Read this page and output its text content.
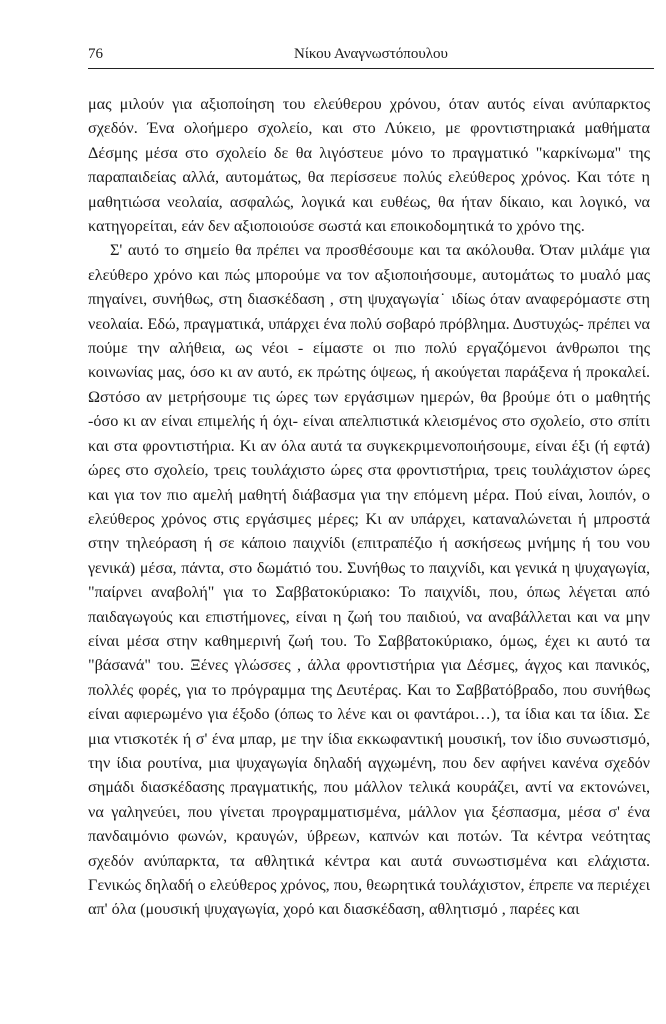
76	Νίκου Αναγνωστόπουλου

μας μιλούν για αξιοποίηση του ελεύθερου χρόνου, όταν αυτός είναι ανύπαρκτος σχεδόν. Ένα ολοήμερο σχολείο, και στο Λύκειο, με φροντιστηριακά μαθήματα Δέσμης μέσα στο σχολείο δε θα λιγόστευε μόνο το πραγματικό "καρκίνωμα" της παραπαιδείας αλλά, αυτομάτως, θα περίσσευε πολύς ελεύθερος χρόνος. Και τότε η μαθητιώσα νεολαία, ασφαλώς, λογικά και ευθέως, θα ήταν δίκαιο, και λογικό, να κατηγορείται, εάν δεν αξιοποιούσε σωστά και εποικοδομητικά το χρόνο της.

Σ' αυτό το σημείο θα πρέπει να προσθέσουμε και τα ακόλουθα. Όταν μιλάμε για ελεύθερο χρόνο και πώς μπορούμε να τον αξιοποιήσουμε, αυτομάτως το μυαλό μας πηγαίνει, συνήθως, στη διασκέδαση , στη ψυχαγωγία˙ ιδίως όταν αναφερόμαστε στη νεολαία. Εδώ, πραγματικά, υπάρχει ένα πολύ σοβαρό πρόβλημα. Δυστυχώς- πρέπει να πούμε την αλήθεια, ως νέοι - είμαστε οι πιο πολύ εργαζόμενοι άνθρωποι της κοινωνίας μας, όσο κι αν αυτό, εκ πρώτης όψεως, ή ακούγεται παράξενα ή προκαλεί. Ωστόσο αν μετρήσουμε τις ώρες των εργάσιμων ημερών, θα βρούμε ότι ο μαθητής -όσο κι αν είναι επιμελής ή όχι- είναι απελπιστικά κλεισμένος στο σχολείο, στο σπίτι και στα φροντιστήρια. Κι αν όλα αυτά τα συγκεκριμενοποιήσουμε, είναι έξι (ή εφτά) ώρες στο σχολείο, τρεις τουλάχιστο ώρες στα φροντιστήρια, τρεις τουλάχιστον ώρες και για τον πιο αμελή μαθητή διάβασμα για την επόμενη μέρα. Πού είναι, λοιπόν, ο ελεύθερος χρόνος στις εργάσιμες μέρες; Κι αν υπάρχει, καταναλώνεται ή μπροστά στην τηλεόραση ή σε κάποιο παιχνίδι (επιτραπέζιο ή ασκήσεως μνήμης ή του νου γενικά) μέσα, πάντα, στο δωμάτιό του. Συνήθως το παιχνίδι, και γενικά η ψυχαγωγία, "παίρνει αναβολή" για το Σαββατοκύριακο: Το παιχνίδι, που, όπως λέγεται από παιδαγωγούς και επιστήμονες, είναι η ζωή του παιδιού, να αναβάλλεται και να μην είναι μέσα στην καθημερινή ζωή του. Το Σαββατοκύριακο, όμως, έχει κι αυτό τα "βάσανά" του. Ξένες γλώσσες , άλλα φροντιστήρια για Δέσμες, άγχος και πανικός, πολλές φορές, για το πρόγραμμα της Δευτέρας. Και το Σαββατόβραδο, που συνήθως είναι αφιερωμένο για έξοδο (όπως το λένε και οι φαντάροι…), τα ίδια και τα ίδια. Σε μια ντισκοτέκ ή σ' ένα μπαρ, με την ίδια εκκωφαντική μουσική, τον ίδιο συνωστισμό, την ίδια ρουτίνα, μια ψυχαγωγία δηλαδή αγχωμένη, που δεν αφήνει κανένα σχεδόν σημάδι διασκέδασης πραγματικής, που μάλλον τελικά κουράζει, αντί να εκτονώνει, να γαληνεύει, που γίνεται προγραμματισμένα, μάλλον για ξέσπασμα, μέσα σ' ένα πανδαιμόνιο φωνών, κραυγών, ύβρεων, καπνών και ποτών. Τα κέντρα νεότητας σχεδόν ανύπαρκτα, τα αθλητικά κέντρα και αυτά συνωστισμένα και ελάχιστα. Γενικώς δηλαδή ο ελεύθερος χρόνος, που, θεωρητικά τουλάχιστον, έπρεπε να περιέχει απ' όλα (μουσική ψυχαγωγία, χορό και διασκέδαση, αθλητισμό , παρέες και
